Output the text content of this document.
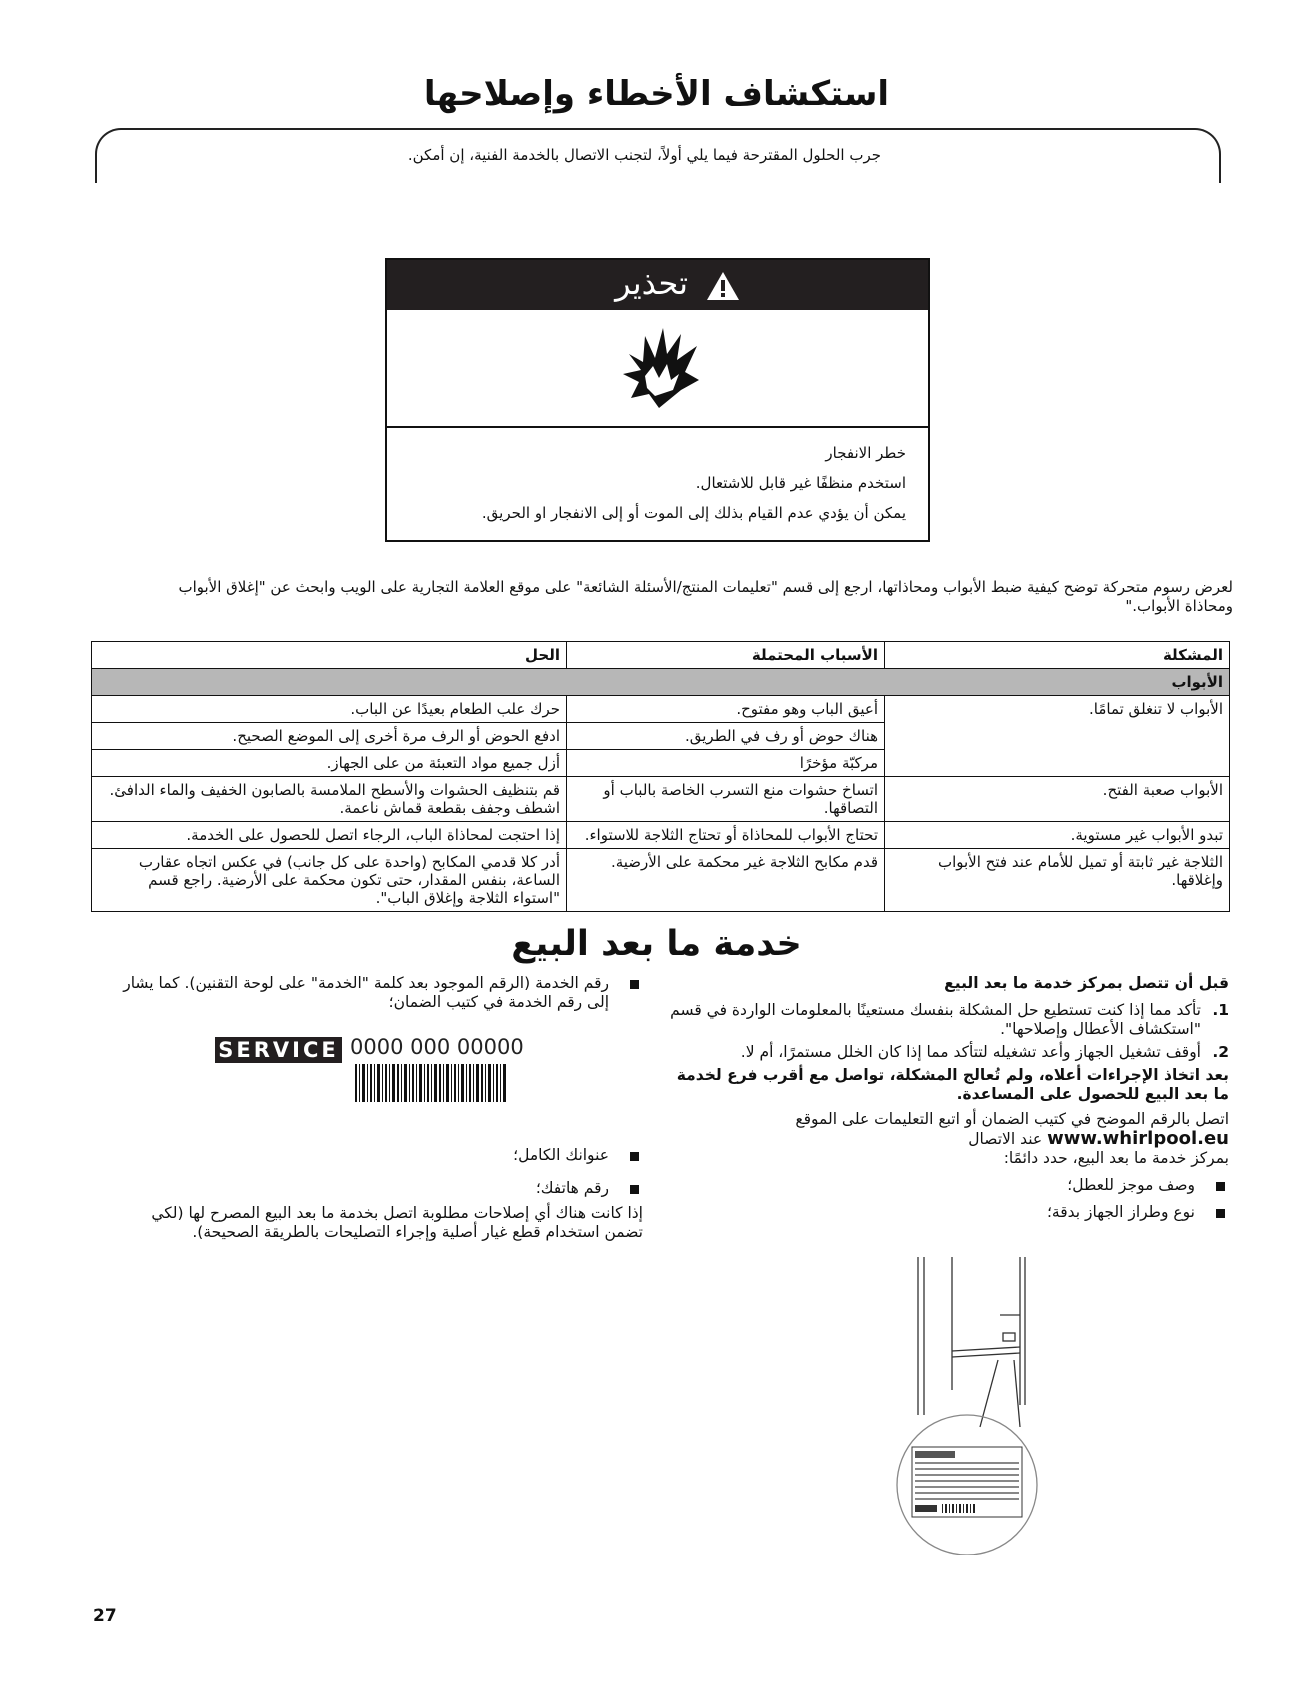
استكشاف الأخطاء وإصلاحها
جرب الحلول المقترحة فيما يلي أولاً، لتجنب الاتصال بالخدمة الفنية، إن أمكن.
تحذير
خطر الانفجار
استخدم منظفًا غير قابل للاشتعال.
يمكن أن يؤدي عدم القيام بذلك إلى الموت أو إلى الانفجار او الحريق.
لعرض رسوم متحركة توضح كيفية ضبط الأبواب ومحاذاتها، ارجع إلى قسم "تعليمات المنتج/الأسئلة الشائعة" على موقع العلامة التجارية على الويب وابحث عن "إغلاق الأبواب ومحاذاة الأبواب."
المشكلة	الأسباب المحتملة	الحل
الأبواب		
الأبواب لا تنغلق تمامًا.	أعيق الباب وهو مفتوح.	حرك علب الطعام بعيدًا عن الباب.
	هناك حوض أو رف في الطريق.	ادفع الحوض أو الرف مرة أخرى إلى الموضع الصحيح.
	مركبّة مؤخرًا	أزل جميع مواد التعبئة من على الجهاز.
الأبواب صعبة الفتح.	اتساخ حشوات منع التسرب الخاصة بالباب أو التصاقها.	قم بتنظيف الحشوات والأسطح الملامسة بالصابون الخفيف والماء الدافئ. اشطف وجفف بقطعة قماش ناعمة.
تبدو الأبواب غير مستوية.	تحتاج الأبواب للمحاذاة أو تحتاج الثلاجة للاستواء.	إذا احتجت لمحاذاة الباب، الرجاء اتصل للحصول على الخدمة.
الثلاجة غير ثابتة أو تميل للأمام عند فتح الأبواب وإغلاقها.	قدم مكابح الثلاجة غير محكمة على الأرضية.	أدر كلا قدمي المكابح (واحدة على كل جانب) في عكس اتجاه عقارب الساعة، بنفس المقدار، حتى تكون محكمة على الأرضية. راجع قسم "استواء الثلاجة وإغلاق الباب".
خدمة ما بعد البيع
قبل أن تتصل بمركز خدمة ما بعد البيع
1.
تأكد مما إذا كنت تستطيع حل المشكلة بنفسك مستعينًا بالمعلومات الواردة في قسم "استكشاف الأعطال وإصلاحها".
2.
أوقف تشغيل الجهاز وأعد تشغيله لتتأكد مما إذا كان الخلل مستمرًا، أم لا.
بعد اتخاذ الإجراءات أعلاه، ولم تُعالج المشكلة، تواصل مع أقرب فرع لخدمة ما بعد البيع للحصول على المساعدة.
اتصل بالرقم الموضح في كتيب الضمان أو اتبع التعليمات على الموقع
www.whirlpool.eu عند الاتصال
بمركز خدمة ما بعد البيع، حدد دائمًا:
وصف موجز للعطل؛
نوع وطراز الجهاز بدقة؛
رقم الخدمة (الرقم الموجود بعد كلمة "الخدمة" على لوحة التقنين). كما يشار إلى رقم الخدمة في كتيب الضمان؛
SERVICE 0000 000 00000
عنوانك الكامل؛
رقم هاتفك؛
إذا كانت هناك أي إصلاحات مطلوبة اتصل بخدمة ما بعد البيع المصرح لها (لكي تضمن استخدام قطع غيار أصلية وإجراء التصليحات بالطريقة الصحيحة).
27
